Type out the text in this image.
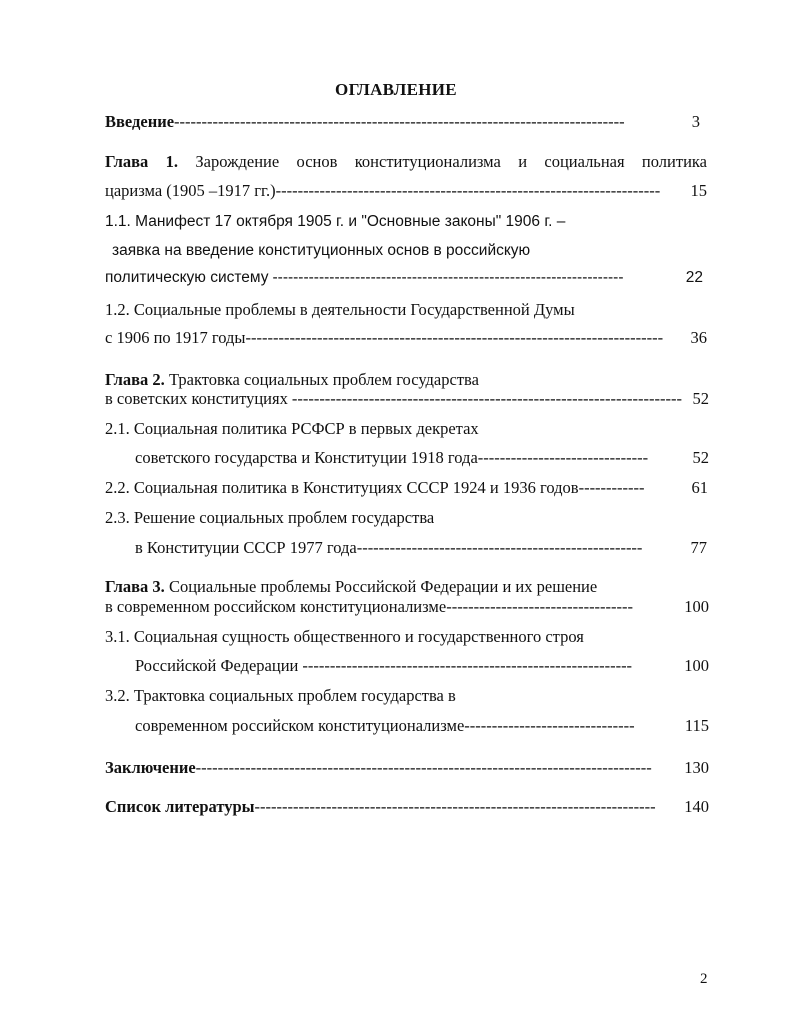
ОГЛАВЛЕНИЕ
Введение ----------------------------------------------------------------------------------	3
Глава 1. Зарождение основ конституционализма и социальная политика
царизма (1905 –1917 гг.) ----------------------------------------------------------------------	15
1.1. Манифест 17 октября 1905 г. и "Основные законы" 1906 г. –
заявка на введение конституционных основ в российскую
политическую систему --------------------------------------------------------------------	22
1.2. Социальные проблемы в деятельности Государственной Думы
с 1906 по 1917 годы ----------------------------------------------------------------------------	36
Глава 2. Трактовка социальных проблем государства
в советских конституциях ----------------------------------------------------------------------- 52
2.1. Социальная политика РСФСР в первых декретах
советского государства и Конституции 1918 года -------------------------------	52
2.2. Социальная политика в Конституциях СССР 1924 и 1936 годов ------------	61
2.3. Решение социальных проблем государства
в Конституции СССР 1977 года ----------------------------------------------------	77
Глава 3. Социальные проблемы Российской Федерации и их решение
в современном российском конституционализме ----------------------------------	100
3.1. Социальная сущность общественного и государственного строя
Российской Федерации ------------------------------------------------------------	100
3.2. Трактовка социальных проблем государства в
современном российском конституционализме -------------------------------	115
Заключение -----------------------------------------------------------------------------------	130
Список литературы -------------------------------------------------------------------------	140
2
